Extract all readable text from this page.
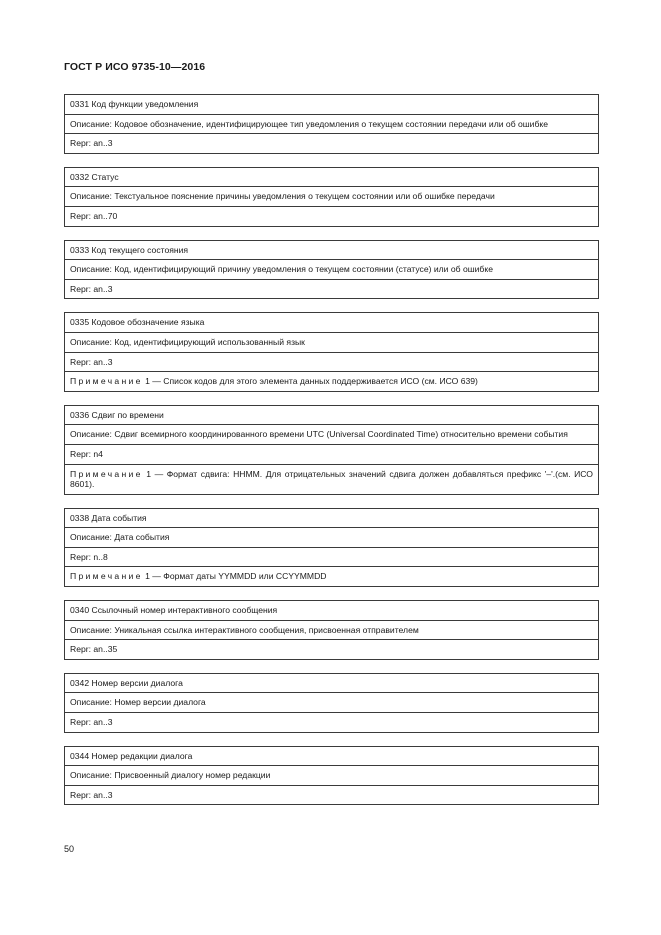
ГОСТ Р ИСО 9735-10—2016
0331 Код функции уведомления
Описание: Кодовое обозначение, идентифицирующее тип уведомления о текущем состоянии передачи или об ошибке
Repr: an..3
0332 Статус
Описание: Текстуальное пояснение причины уведомления о текущем состоянии или об ошибке передачи
Repr: an..70
0333 Код текущего состояния
Описание: Код, идентифицирующий причину уведомления о текущем состоянии (статусе) или об ошибке
Repr: an..3
0335 Кодовое обозначение языка
Описание: Код, идентифицирующий использованный язык
Repr: an..3
Примечание 1 — Список кодов для этого элемента данных поддерживается ИСО (см. ИСО 639)
0336 Сдвиг по времени
Описание: Сдвиг всемирного координированного времени UTC (Universal Coordinated Time) относительно времени события
Repr: n4
Примечание 1 — Формат сдвига: HHMM. Для отрицательных значений сдвига должен добавляться префикс '–'.(см. ИСО 8601).
0338 Дата события
Описание: Дата события
Repr: n..8
Примечание 1 — Формат даты YYMMDD или CCYYMMDD
0340 Ссылочный номер интерактивного сообщения
Описание: Уникальная ссылка интерактивного сообщения, присвоенная отправителем
Repr: an..35
0342 Номер версии диалога
Описание: Номер версии диалога
Repr: an..3
0344 Номер редакции диалога
Описание: Присвоенный диалогу номер редакции
Repr: an..3
50
